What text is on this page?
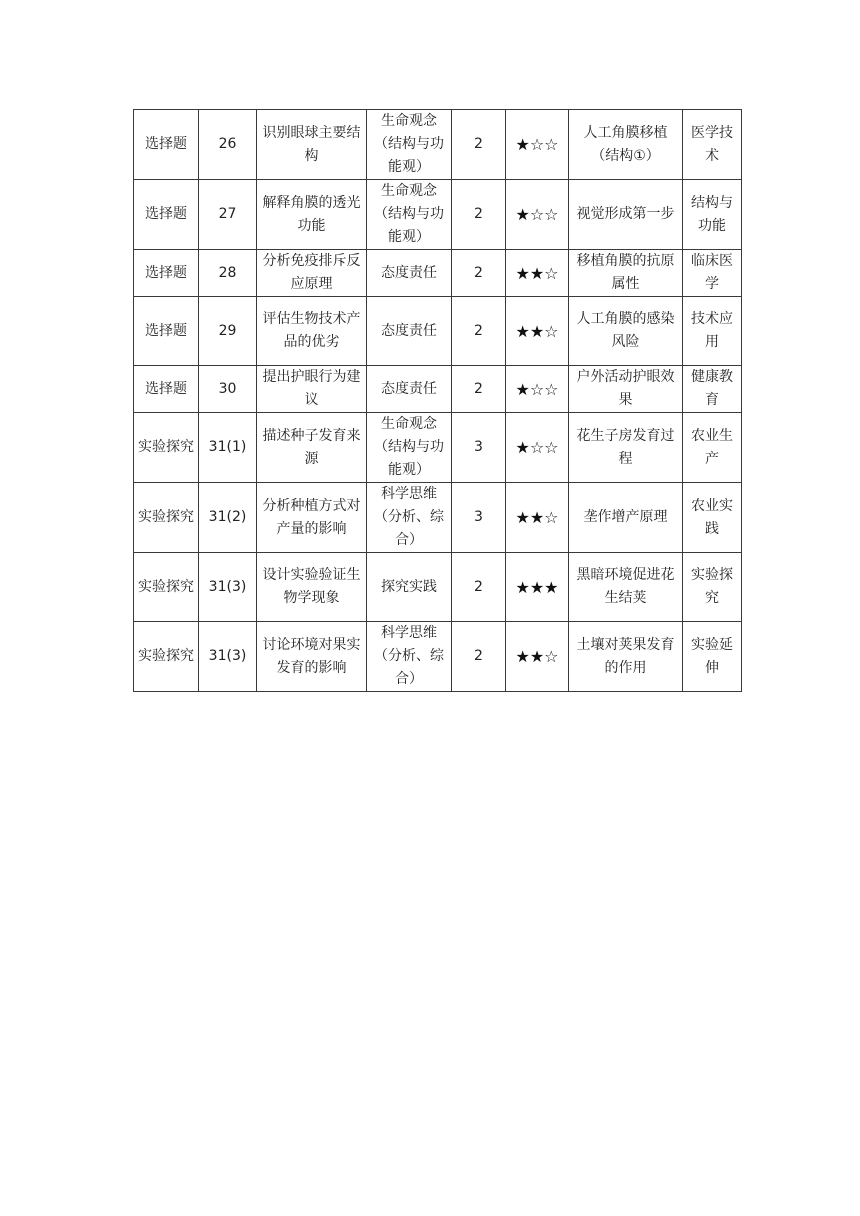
选择题	26	识别眼球主要结构	生命观念（结构与功能观）	2	★☆☆	人工角膜移植（结构①）	医学技术
选择题	27	解释角膜的透光功能	生命观念（结构与功能观）	2	★☆☆	视觉形成第一步	结构与功能
选择题	28	分析免疫排斥反应原理	态度责任	2	★★☆	移植角膜的抗原属性	临床医学
选择题	29	评估生物技术产品的优劣	态度责任	2	★★☆	人工角膜的感染风险	技术应用
选择题	30	提出护眼行为建议	态度责任	2	★☆☆	户外活动护眼效果	健康教育
实验探究	31(1)	描述种子发育来源	生命观念（结构与功能观）	3	★☆☆	花生子房发育过程	农业生产
实验探究	31(2)	分析种植方式对产量的影响	科学思维（分析、综合）	3	★★☆	垄作增产原理	农业实践
实验探究	31(3)	设计实验验证生物学现象	探究实践	2	★★★	黑暗环境促进花生结荚	实验探究
实验探究	31(3)	讨论环境对果实发育的影响	科学思维（分析、综合）	2	★★☆	土壤对荚果发育的作用	实验延伸
